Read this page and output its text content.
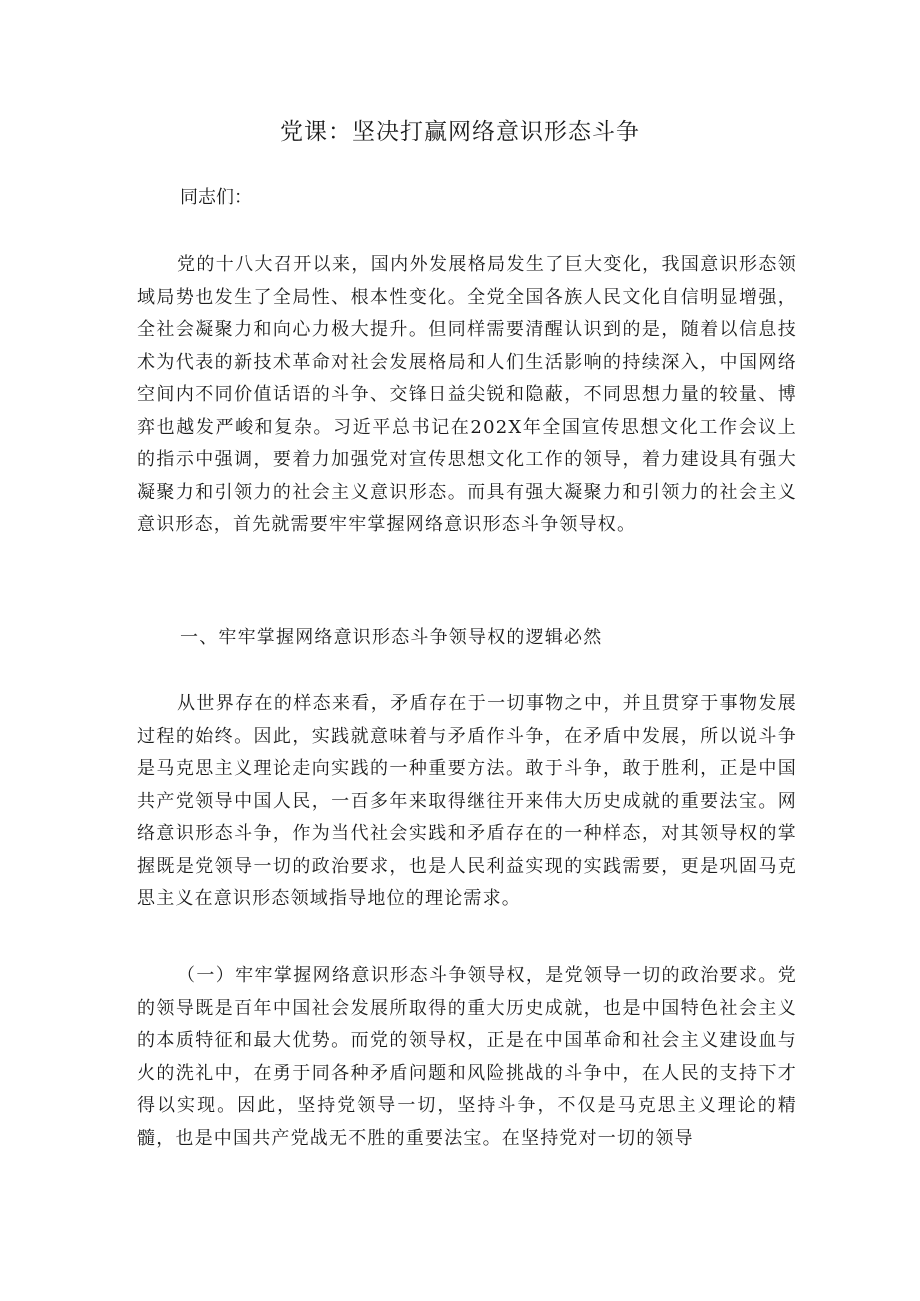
党课：坚决打赢网络意识形态斗争

同志们：

党的十八大召开以来，国内外发展格局发生了巨大变化，我国意识形态领域局势也发生了全局性、根本性变化。全党全国各族人民文化自信明显增强，全社会凝聚力和向心力极大提升。但同样需要清醒认识到的是，随着以信息技术为代表的新技术革命对社会发展格局和人们生活影响的持续深入，中国网络空间内不同价值话语的斗争、交锋日益尖锐和隐蔽，不同思想力量的较量、博弈也越发严峻和复杂。习近平总书记在202X年全国宣传思想文化工作会议上的指示中强调，要着力加强党对宣传思想文化工作的领导，着力建设具有强大凝聚力和引领力的社会主义意识形态。而具有强大凝聚力和引领力的社会主义意识形态，首先就需要牢牢掌握网络意识形态斗争领导权。

一、牢牢掌握网络意识形态斗争领导权的逻辑必然

从世界存在的样态来看，矛盾存在于一切事物之中，并且贯穿于事物发展过程的始终。因此，实践就意味着与矛盾作斗争，在矛盾中发展，所以说斗争是马克思主义理论走向实践的一种重要方法。敢于斗争，敢于胜利，正是中国共产党领导中国人民，一百多年来取得继往开来伟大历史成就的重要法宝。网络意识形态斗争，作为当代社会实践和矛盾存在的一种样态，对其领导权的掌握既是党领导一切的政治要求，也是人民利益实现的实践需要，更是巩固马克思主义在意识形态领域指导地位的理论需求。

（一）牢牢掌握网络意识形态斗争领导权，是党领导一切的政治要求。党的领导既是百年中国社会发展所取得的重大历史成就，也是中国特色社会主义的本质特征和最大优势。而党的领导权，正是在中国革命和社会主义建设血与火的洗礼中，在勇于同各种矛盾问题和风险挑战的斗争中，在人民的支持下才得以实现。因此，坚持党领导一切，坚持斗争，不仅是马克思主义理论的精髓，也是中国共产党战无不胜的重要法宝。在坚持党对一切的领导
